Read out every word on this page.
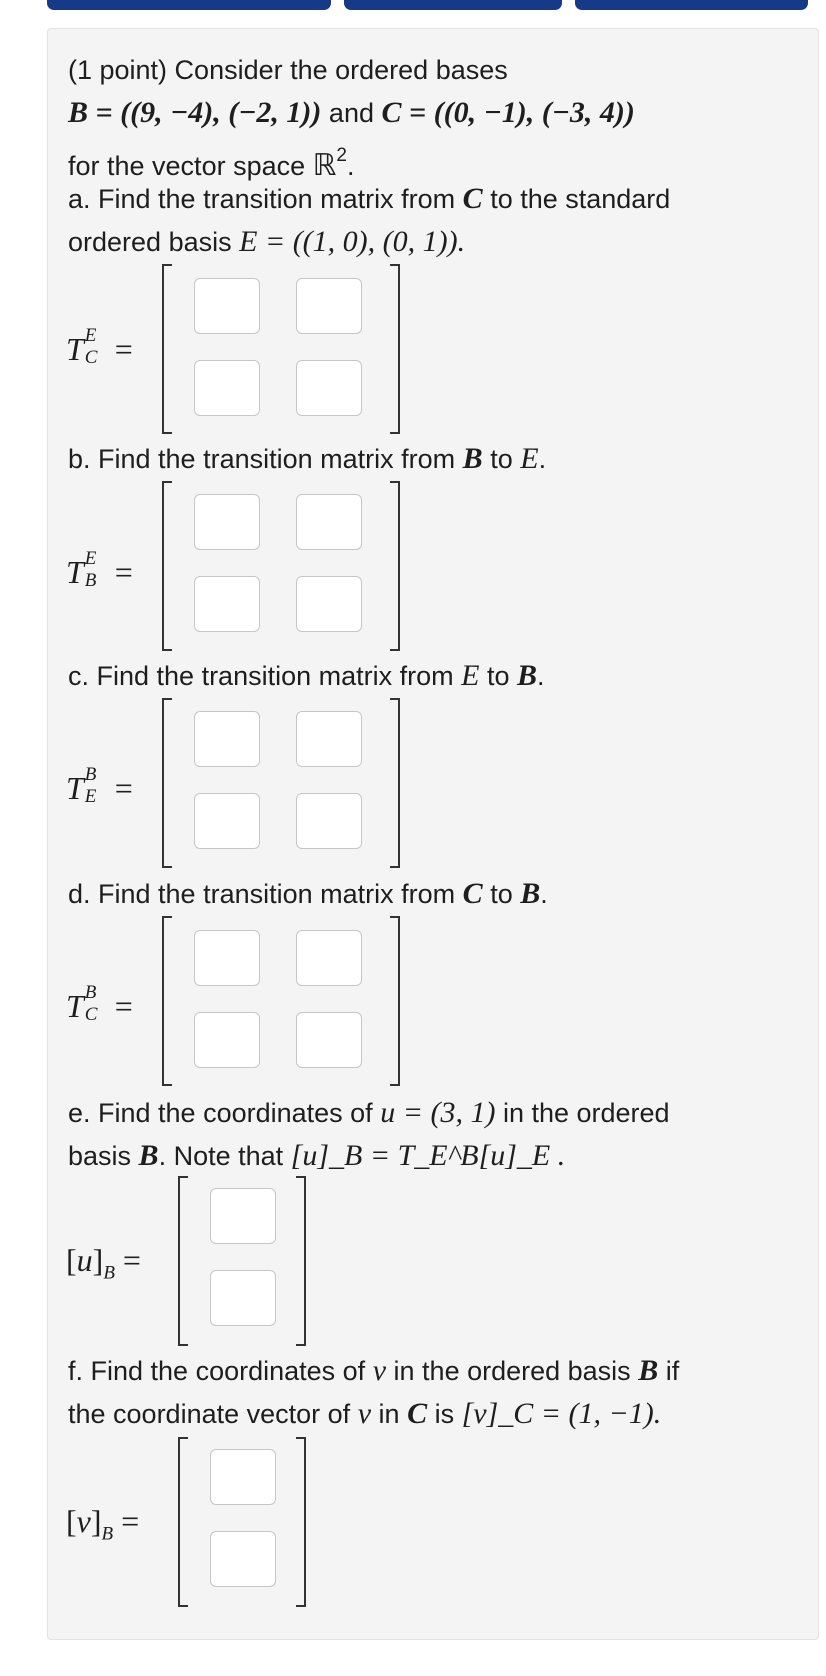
(1 point) Consider the ordered bases
B = ((9, −4), (−2, 1)) and C = ((0, −1), (−3, 4))
for the vector space ℝ$^2$.
a. Find the transition matrix from C to the standard
ordered basis E = ((1, 0), (0, 1)).
T E
C =
b. Find the transition matrix from B to E.
T E
B =
c. Find the transition matrix from E to B.
T B
E =
d. Find the transition matrix from C to B.
T B
C =
e. Find the coordinates of u = (3, 1) in the ordered
basis B. Note that [u]_B = T_E^B[u]_E .
$[u]_B$ =
f. Find the coordinates of v in the ordered basis B if
the coordinate vector of v in C is [v]_C = (1, −1).
$[v]_B$ =
